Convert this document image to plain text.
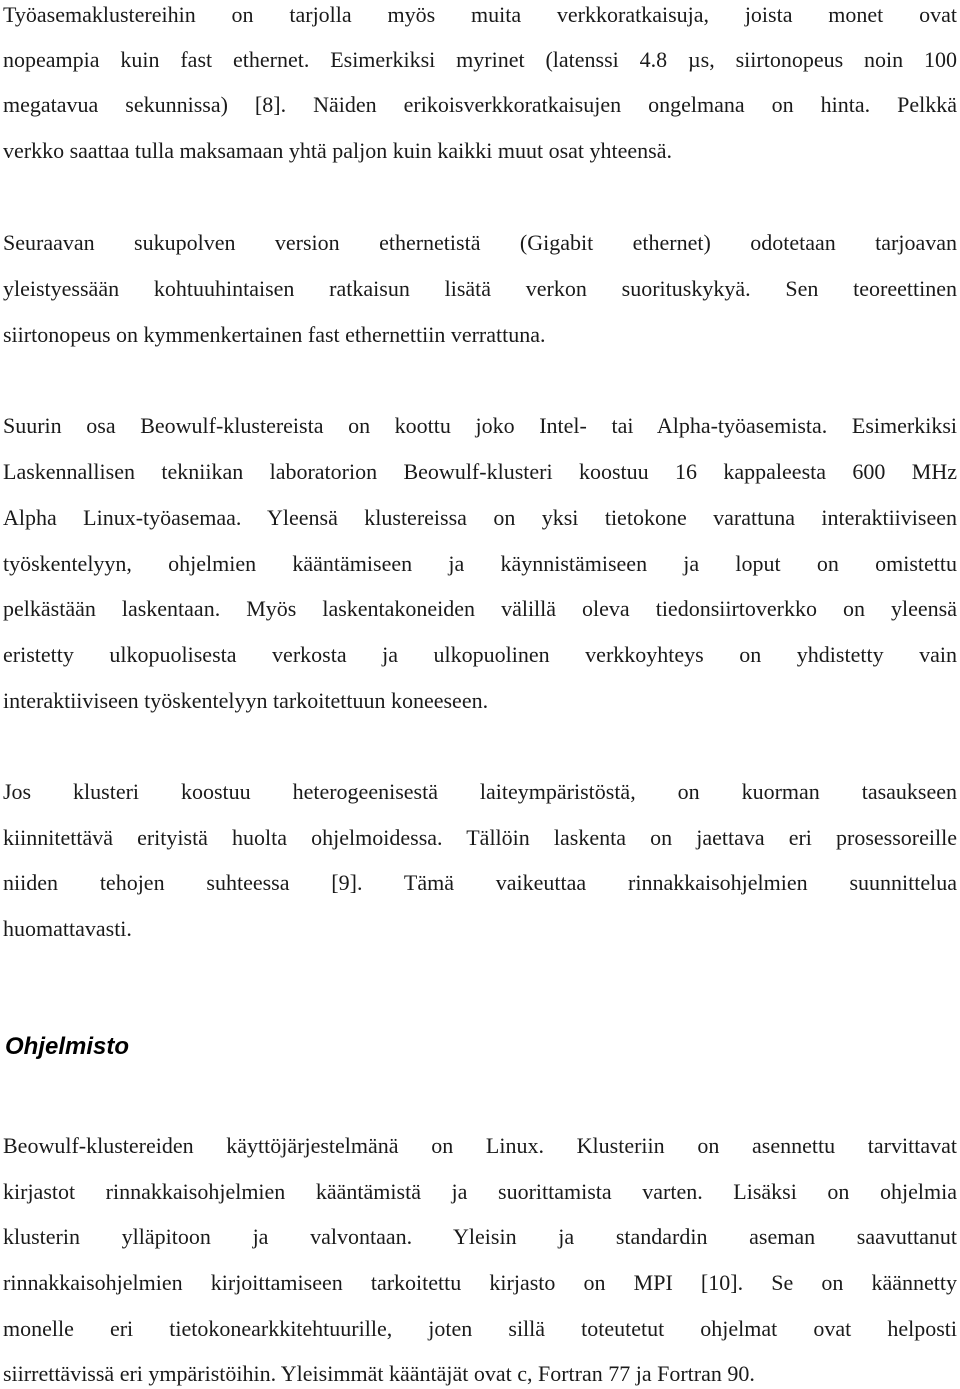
Työasemaklustereihin on tarjolla myös muita verkkoratkaisuja, joista monet ovat
nopeampia kuin fast ethernet. Esimerkiksi myrinet (latenssi 4.8 µs, siirtonopeus noin 100
megatavua sekunnissa) [8]. Näiden erikoisverkkoratkaisujen ongelmana on hinta. Pelkkä
verkko saattaa tulla maksamaan yhtä paljon kuin kaikki muut osat yhteensä.
Seuraavan sukupolven version ethernetistä (Gigabit ethernet) odotetaan tarjoavan
yleistyessään kohtuuhintaisen ratkaisun lisätä verkon suorituskykyä. Sen teoreettinen
siirtonopeus on kymmenkertainen fast ethernettiin verrattuna.
Suurin osa Beowulf-klustereista on koottu joko Intel- tai Alpha-työasemista. Esimerkiksi
Laskennallisen tekniikan laboratorion Beowulf-klusteri koostuu 16 kappaleesta 600 MHz
Alpha Linux-työasemaa. Yleensä klustereissa on yksi tietokone varattuna interaktiiviseen
työskentelyyn, ohjelmien kääntämiseen ja käynnistämiseen ja loput on omistettu
pelkästään laskentaan. Myös laskentakoneiden välillä oleva tiedonsiirtoverkko on yleensä
eristetty ulkopuolisesta verkosta ja ulkopuolinen verkkoyhteys on yhdistetty vain
interaktiiviseen työskentelyyn tarkoitettuun koneeseen.
Jos klusteri koostuu heterogeenisestä laiteympäristöstä, on kuorman tasaukseen
kiinnitettävä erityistä huolta ohjelmoidessa. Tällöin laskenta on jaettava eri prosessoreille
niiden tehojen suhteessa [9]. Tämä vaikeuttaa rinnakkaisohjelmien suunnittelua
huomattavasti.
Ohjelmisto
Beowulf-klustereiden käyttöjärjestelmänä on Linux. Klusteriin on asennettu tarvittavat
kirjastot rinnakkaisohjelmien kääntämistä ja suorittamista varten. Lisäksi on ohjelmia
klusterin ylläpitoon ja valvontaan. Yleisin ja standardin aseman saavuttanut
rinnakkaisohjelmien kirjoittamiseen tarkoitettu kirjasto on MPI [10]. Se on käännetty
monelle eri tietokonearkkitehtuurille, joten sillä toteutetut ohjelmat ovat helposti
siirrettävissä eri ympäristöihin. Yleisimmät kääntäjät ovat c, Fortran 77 ja Fortran 90.
